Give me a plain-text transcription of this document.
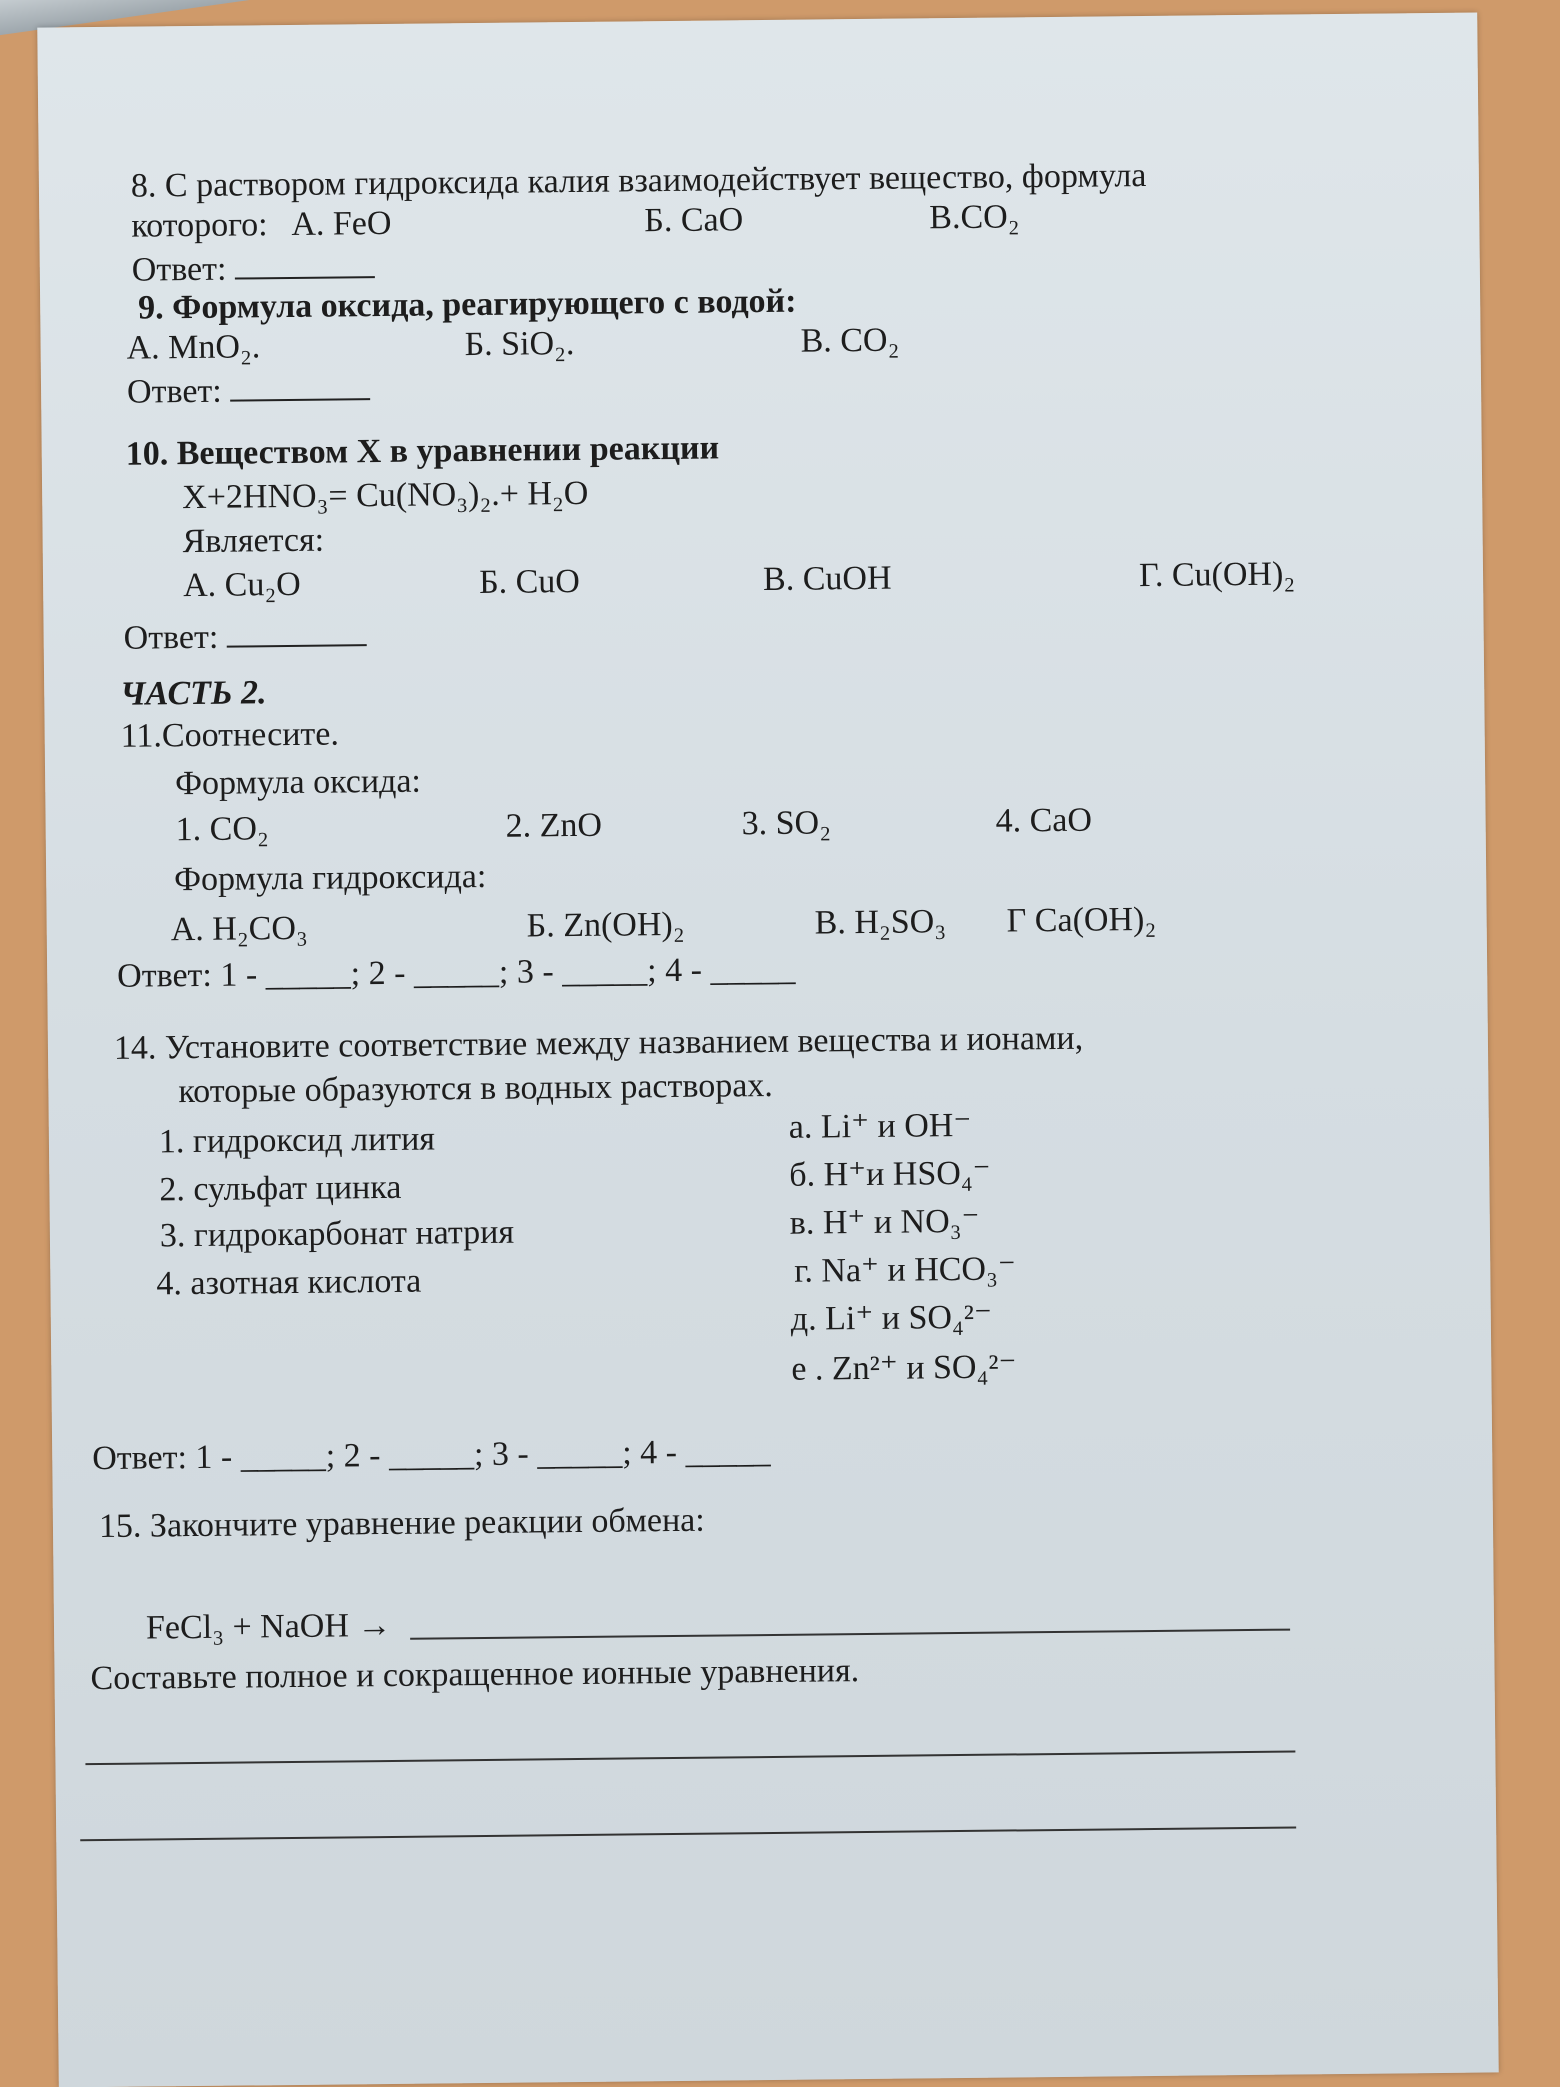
8. С раствором гидроксида калия взаимодействует вещество, формула
которого: А. FeO	Б. CaO	В.CO₂
Ответ:
9. Формула оксида, реагирующего с водой:
А. MnO₂.	Б. SiO₂.	В. CO₂
Ответ:
10. Веществом Х в уравнении реакции
X+2HNO₃= Cu(NO₃)₂.+ H₂O
Является:
А. Cu₂O	Б. CuO	В. CuOH	Г. Cu(OH)₂
Ответ:
ЧАСТЬ 2.
11.Соотнесите.
Формула оксида:
1. CO₂	2. ZnO	3. SO₂	4. CaO
Формула гидроксида:
А. H₂CO₃	Б. Zn(OH)₂	В. H₂SO₃ Г Ca(OH)₂
Ответ: 1 - _____; 2 - _____; 3 - _____; 4 - _____
14. Установите соответствие между названием вещества и ионами,
которые образуются в водных растворах.
1. гидроксид лития
2. сульфат цинка
3. гидрокарбонат натрия
4. азотная кислота
а. Li⁺ и OH⁻
б. H⁺и HSO₄⁻
в. H⁺ и NO₃⁻
г. Na⁺ и HCO₃⁻
д. Li⁺ и SO₄²⁻
е . Zn²⁺ и SO₄²⁻
Ответ: 1 - _____; 2 - _____; 3 - _____; 4 - _____
15. Закончите уравнение реакции обмена:
FeCl₃ + NaOH →
Составьте полное и сокращенное ионные уравнения.
